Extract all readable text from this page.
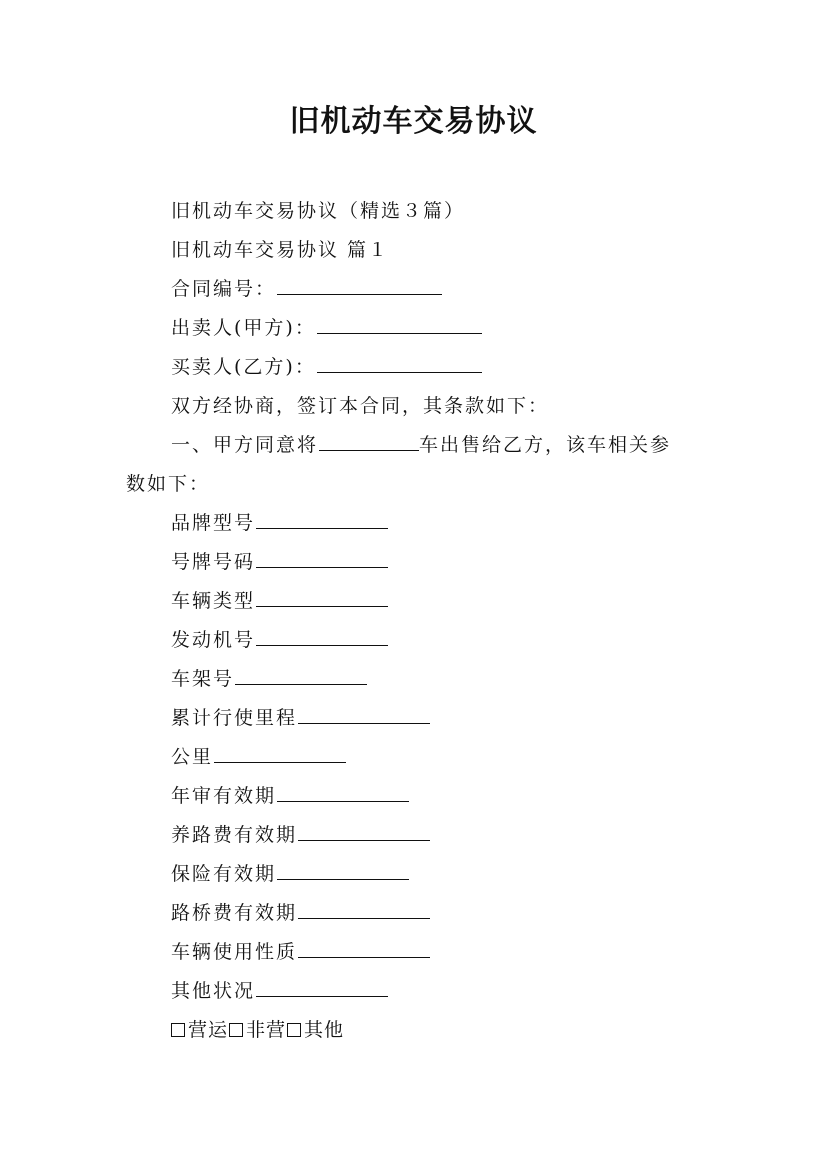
旧机动车交易协议
旧机动车交易协议（精选３篇）
旧机动车交易协议 篇１
合同编号：
出卖人(甲方)：
买卖人(乙方)：
双方经协商，签订本合同，其条款如下：
一、甲方同意将	车出售给乙方，该车相关参
数如下：
品牌型号
号牌号码
车辆类型
发动机号
车架号
累计行使里程
公里
年审有效期
养路费有效期
保险有效期
路桥费有效期
车辆使用性质
其他状况
营运 非营 其他
